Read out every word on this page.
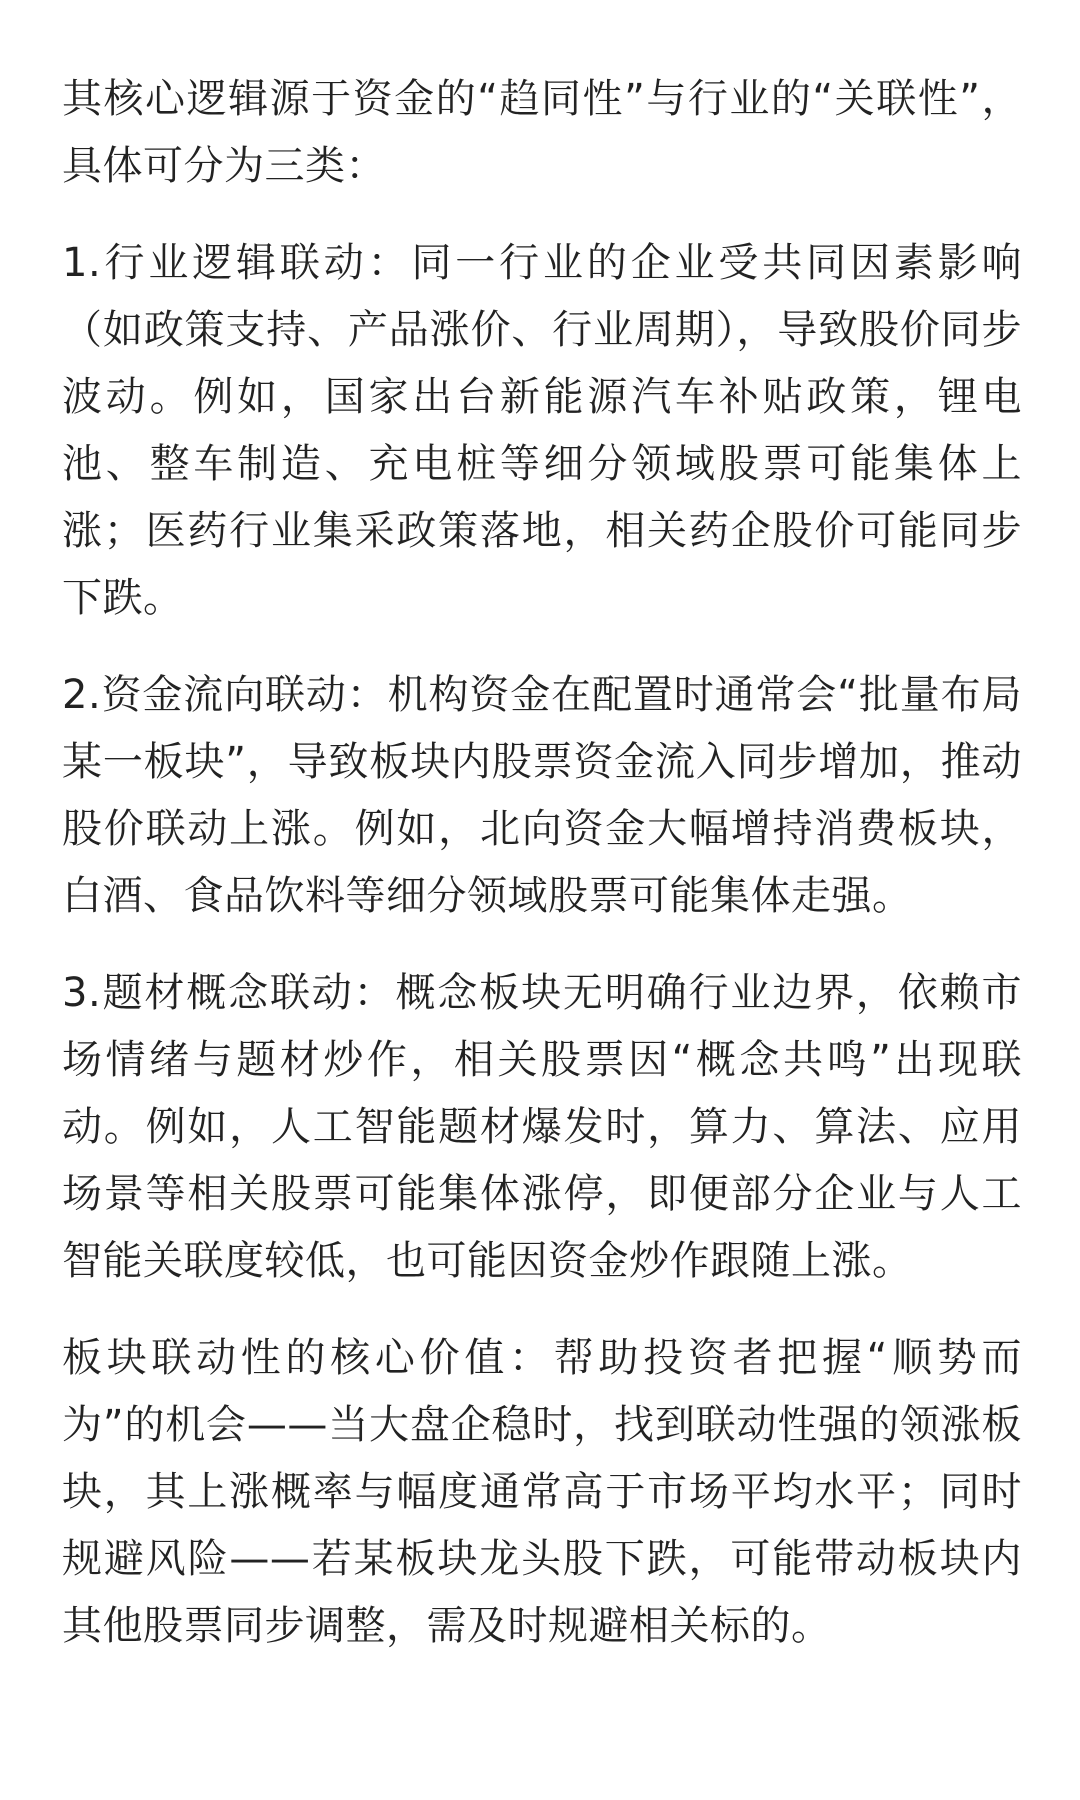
其核心逻辑源于资金的“趋同性”与行业的“关联性”，具体可分为三类：

1.行业逻辑联动：同一行业的企业受共同因素影响（如政策支持、产品涨价、行业周期），导致股价同步波动。例如，国家出台新能源汽车补贴政策，锂电池、整车制造、充电桩等细分领域股票可能集体上涨；医药行业集采政策落地，相关药企股价可能同步下跌。

2.资金流向联动：机构资金在配置时通常会“批量布局某一板块”，导致板块内股票资金流入同步增加，推动股价联动上涨。例如，北向资金大幅增持消费板块，白酒、食品饮料等细分领域股票可能集体走强。

3.题材概念联动：概念板块无明确行业边界，依赖市场情绪与题材炒作，相关股票因“概念共鸣”出现联动。例如，人工智能题材爆发时，算力、算法、应用场景等相关股票可能集体涨停，即便部分企业与人工智能关联度较低，也可能因资金炒作跟随上涨。

板块联动性的核心价值：帮助投资者把握“顺势而为”的机会——当大盘企稳时，找到联动性强的领涨板块，其上涨概率与幅度通常高于市场平均水平；同时规避风险——若某板块龙头股下跌，可能带动板块内其他股票同步调整，需及时规避相关标的。
